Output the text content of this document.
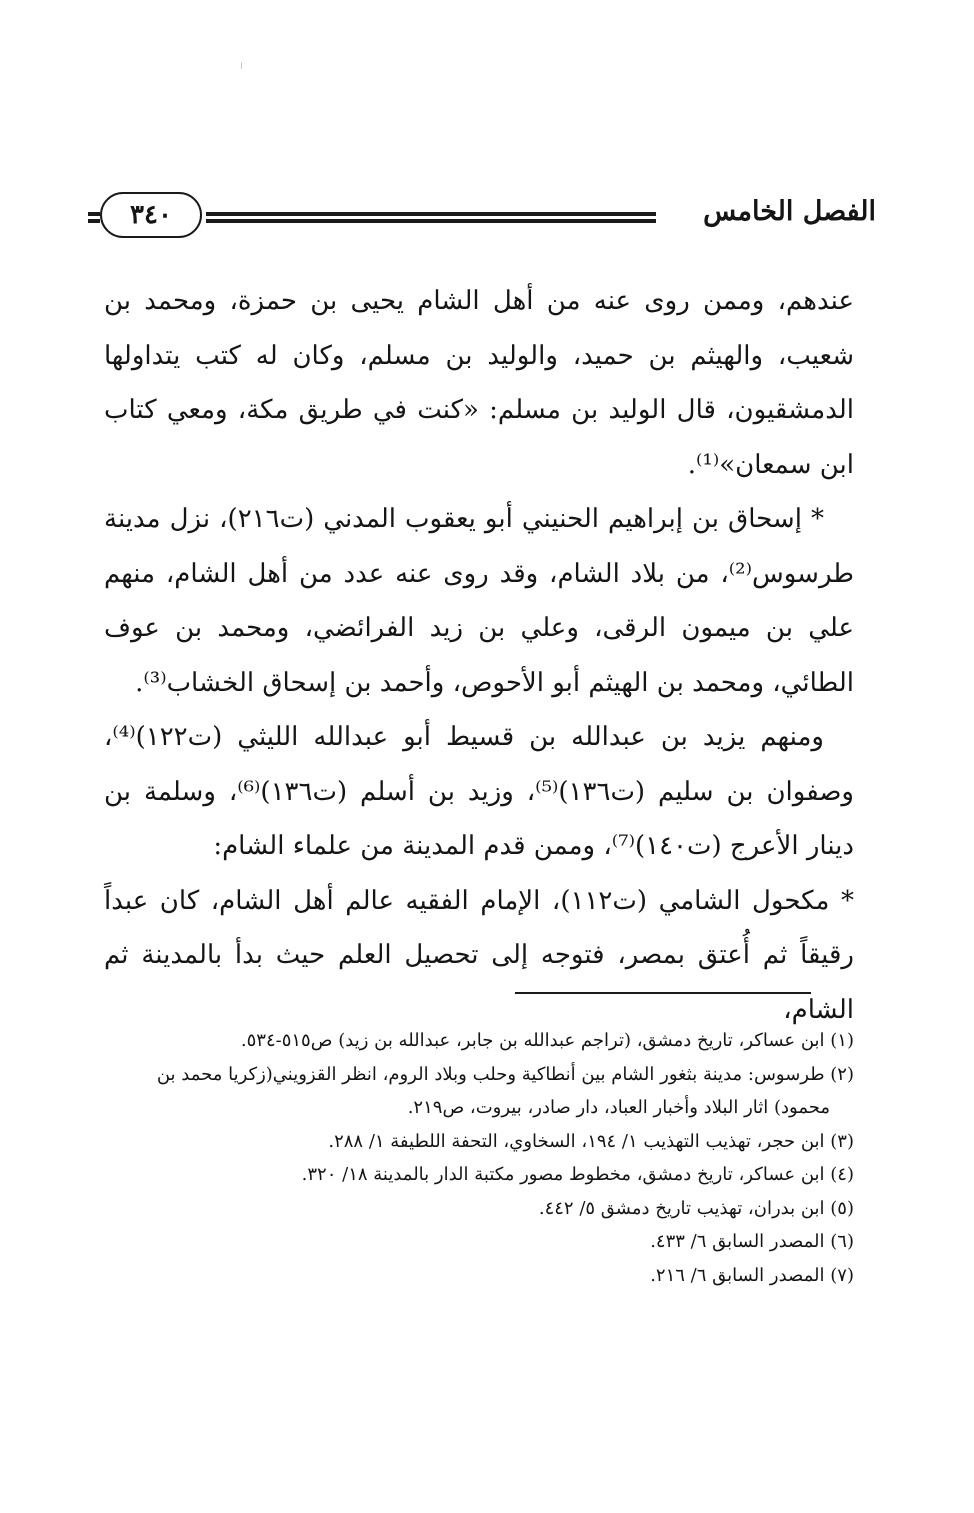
٣٤٠	الفصل الخامس

عندهم، وممن روى عنه من أهل الشام يحيى بن حمزة، ومحمد بن شعيب، والهيثم بن حميد، والوليد بن مسلم، وكان له كتب يتداولها الدمشقيون، قال الوليد بن مسلم: «كنت في طريق مكة، ومعي كتاب ابن سمعان»⁽¹⁾.

* إسحاق بن إبراهيم الحنيني أبو يعقوب المدني (ت٢١٦)، نزل مدينة طرسوس⁽²⁾، من بلاد الشام، وقد روى عنه عدد من أهل الشام، منهم علي بن ميمون الرقى، وعلي بن زيد الفرائضي، ومحمد بن عوف الطائي، ومحمد بن الهيثم أبو الأحوص، وأحمد بن إسحاق الخشاب⁽³⁾.

ومنهم يزيد بن عبدالله بن قسيط أبو عبدالله الليثي (ت١٢٢)⁽⁴⁾، وصفوان بن سليم (ت١٣٦)⁽⁵⁾، وزيد بن أسلم (ت١٣٦)⁽⁶⁾، وسلمة بن دينار الأعرج (ت١٤٠)⁽⁷⁾، وممن قدم المدينة من علماء الشام:

* مكحول الشامي (ت١١٢)، الإمام الفقيه عالم أهل الشام، كان عبداً رقيقاً ثم أُعتق بمصر، فتوجه إلى تحصيل العلم حيث بدأ بالمدينة ثم الشام،

(١) ابن عساكر، تاريخ دمشق، (تراجم عبدالله بن جابر، عبدالله بن زيد) ص٥١٥-٥٣٤.

(٢) طرسوس: مدينة بثغور الشام بين أنطاكية وحلب وبلاد الروم، انظر القزويني(زكريا محمد بن

محمود) اثار البلاد وأخبار العباد، دار صادر، بيروت، ص٢١٩.

(٣) ابن حجر، تهذيب التهذيب ١/ ١٩٤، السخاوي، التحفة اللطيفة ١/ ٢٨٨.

(٤) ابن عساكر، تاريخ دمشق، مخطوط مصور مكتبة الدار بالمدينة ١٨/ ٣٢٠.

(٥) ابن بدران، تهذيب تاريخ دمشق ٥/ ٤٤٢.

(٦) المصدر السابق ٦/ ٤٣٣.

(٧) المصدر السابق ٦/ ٢١٦.
